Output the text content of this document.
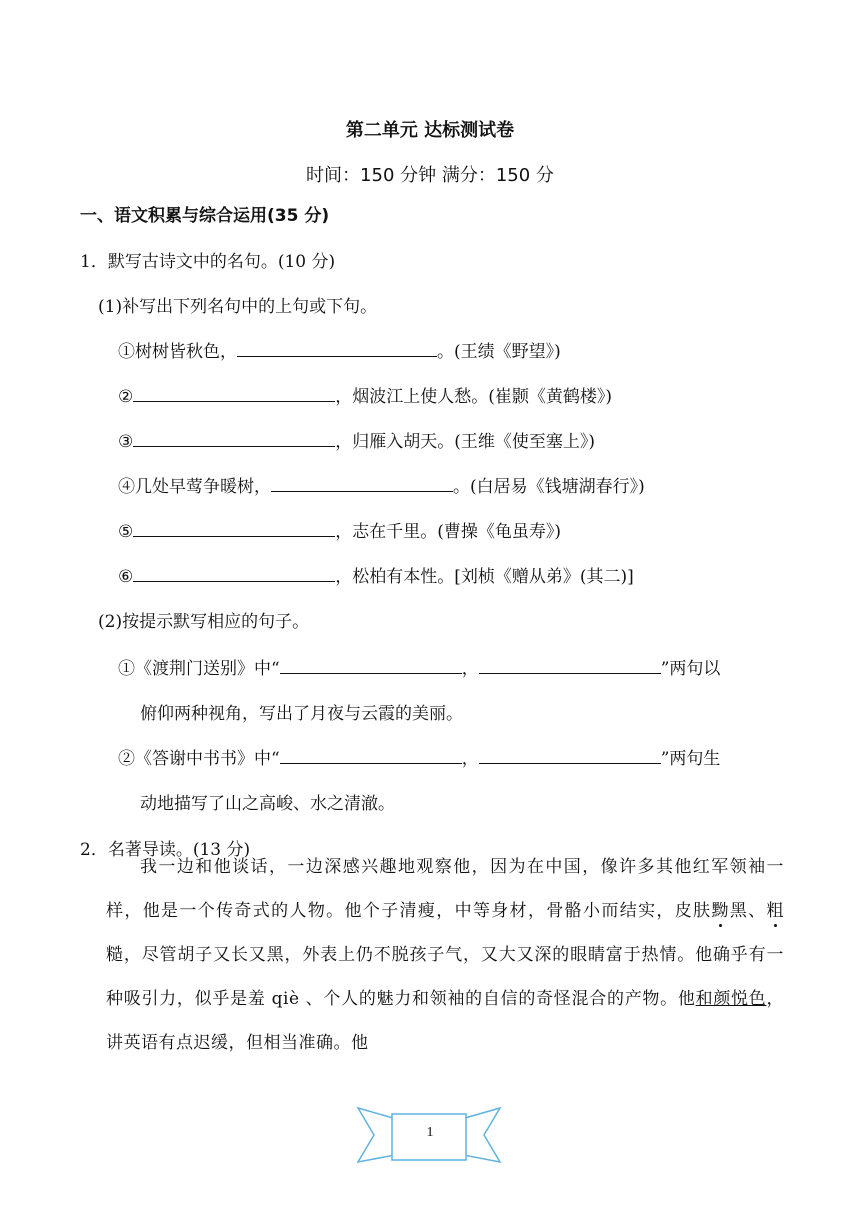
第二单元 达标测试卷
时间：150 分钟 满分：150 分
一、语文积累与综合运用(35 分)
1．默写古诗文中的名句。(10 分)
(1)补写出下列名句中的上句或下句。
①树树皆秋色，	。(王绩《野望》)
②	，烟波江上使人愁。(崔颢《黄鹤楼》)
③	，归雁入胡天。(王维《使至塞上》)
④几处早莺争暖树，	。(白居易《钱塘湖春行》)
⑤	，志在千里。(曹操《龟虽寿》)
⑥	，松柏有本性。[刘桢《赠从弟》(其二)]
(2)按提示默写相应的句子。
①《渡荆门送别》中“	，	”两句以
俯仰两种视角，写出了月夜与云霞的美丽。
②《答谢中书书》中“	，	”两句生
动地描写了山之高峻、水之清澈。
2．名著导读。(13 分)

我一边和他谈话，一边深感兴趣地观察他，因为在中国，像许多其他红军领袖一样，他是一个传奇式的人物。他个子清瘦，中等身材，骨骼小而结实，皮肤黝黑、粗糙，尽管胡子又长又黑，外表上仍不脱孩子气，又大又深的眼睛富于热情。他确乎有一种吸引力，似乎是羞 qiè 、个人的魅力和领袖的自信的奇怪混合的产物。他和颜悦色，讲英语有点迟缓，但相当准确。他

1
